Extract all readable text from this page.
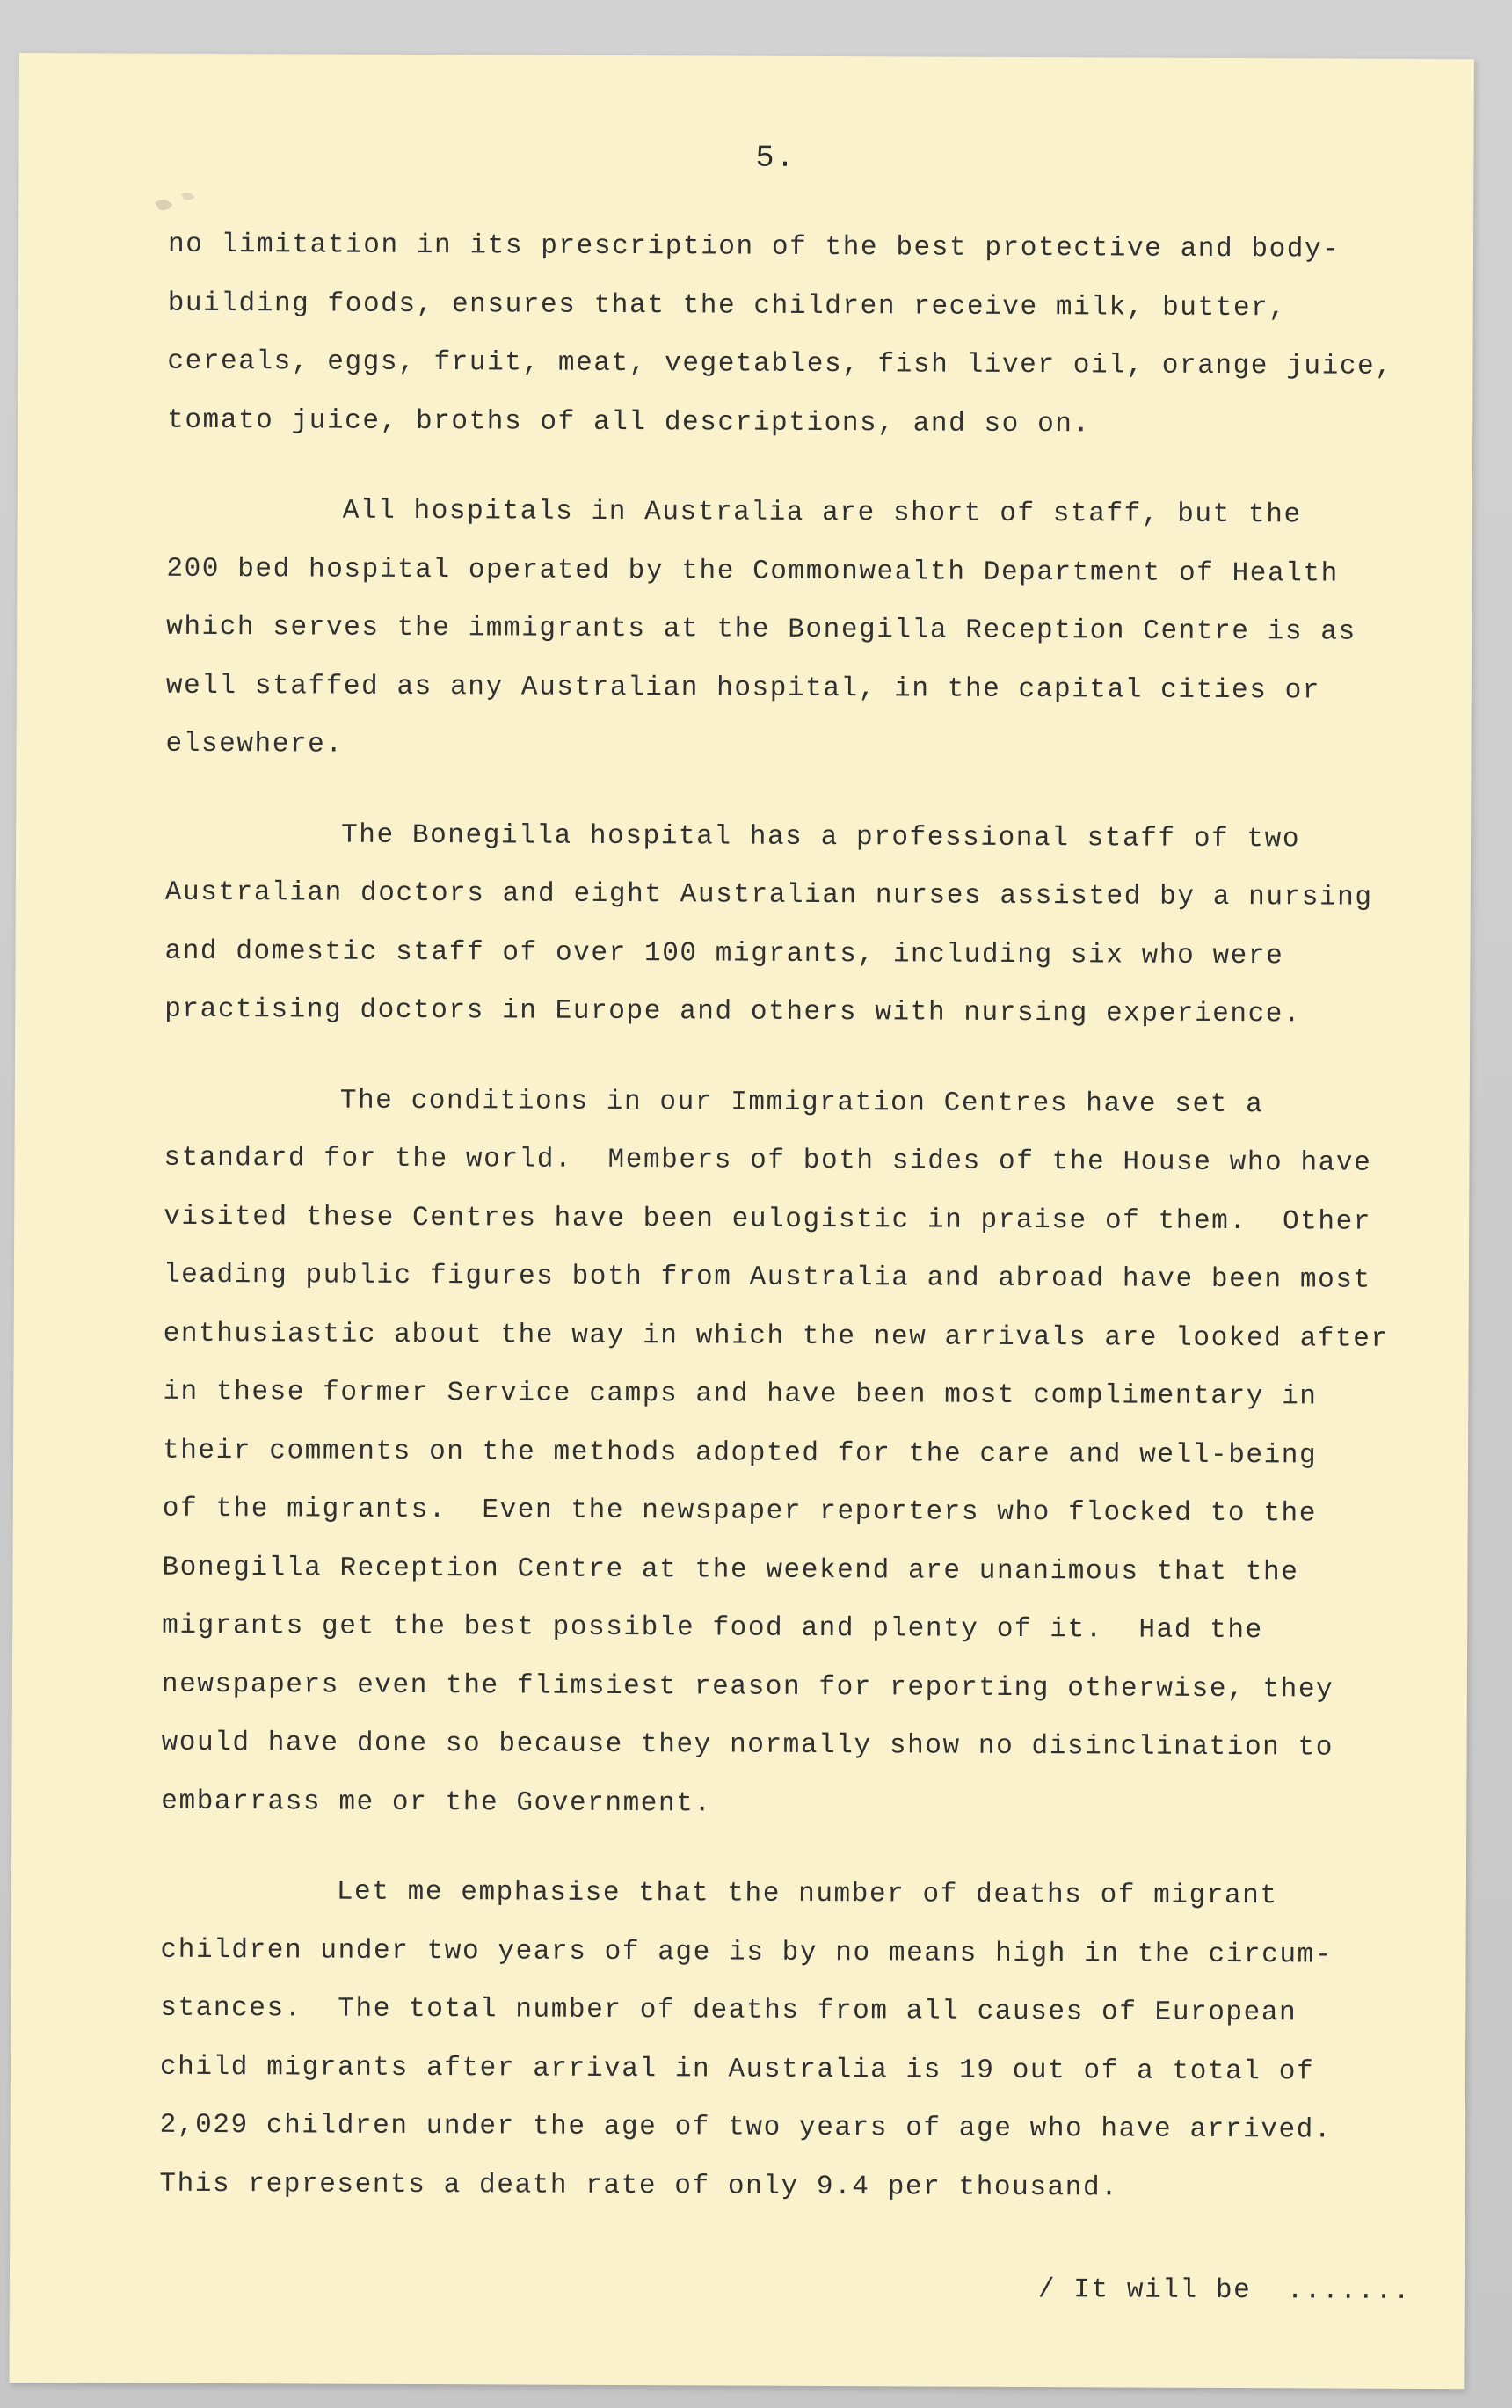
5.
no limitation in its prescription of the best protective and body-
building foods, ensures that the children receive milk, butter,
cereals, eggs, fruit, meat, vegetables, fish liver oil, orange juice,
tomato juice, broths of all descriptions, and so on.
All hospitals in Australia are short of staff, but the
200 bed hospital operated by the Commonwealth Department of Health
which serves the immigrants at the Bonegilla Reception Centre is as
well staffed as any Australian hospital, in the capital cities or
elsewhere.
The Bonegilla hospital has a professional staff of two
Australian doctors and eight Australian nurses assisted by a nursing
and domestic staff of over 100 migrants, including six who were
practising doctors in Europe and others with nursing experience.
The conditions in our Immigration Centres have set a
standard for the world.  Members of both sides of the House who have
visited these Centres have been eulogistic in praise of them.  Other
leading public figures both from Australia and abroad have been most
enthusiastic about the way in which the new arrivals are looked after
in these former Service camps and have been most complimentary in
their comments on the methods adopted for the care and well-being
of the migrants.  Even the newspaper reporters who flocked to the
Bonegilla Reception Centre at the weekend are unanimous that the
migrants get the best possible food and plenty of it.  Had the
newspapers even the flimsiest reason for reporting otherwise, they
would have done so because they normally show no disinclination to
embarrass me or the Government.
Let me emphasise that the number of deaths of migrant
children under two years of age is by no means high in the circum-
stances.  The total number of deaths from all causes of European
child migrants after arrival in Australia is 19 out of a total of
2,029 children under the age of two years of age who have arrived.
This represents a death rate of only 9.4 per thousand.
/ It will be  .......
